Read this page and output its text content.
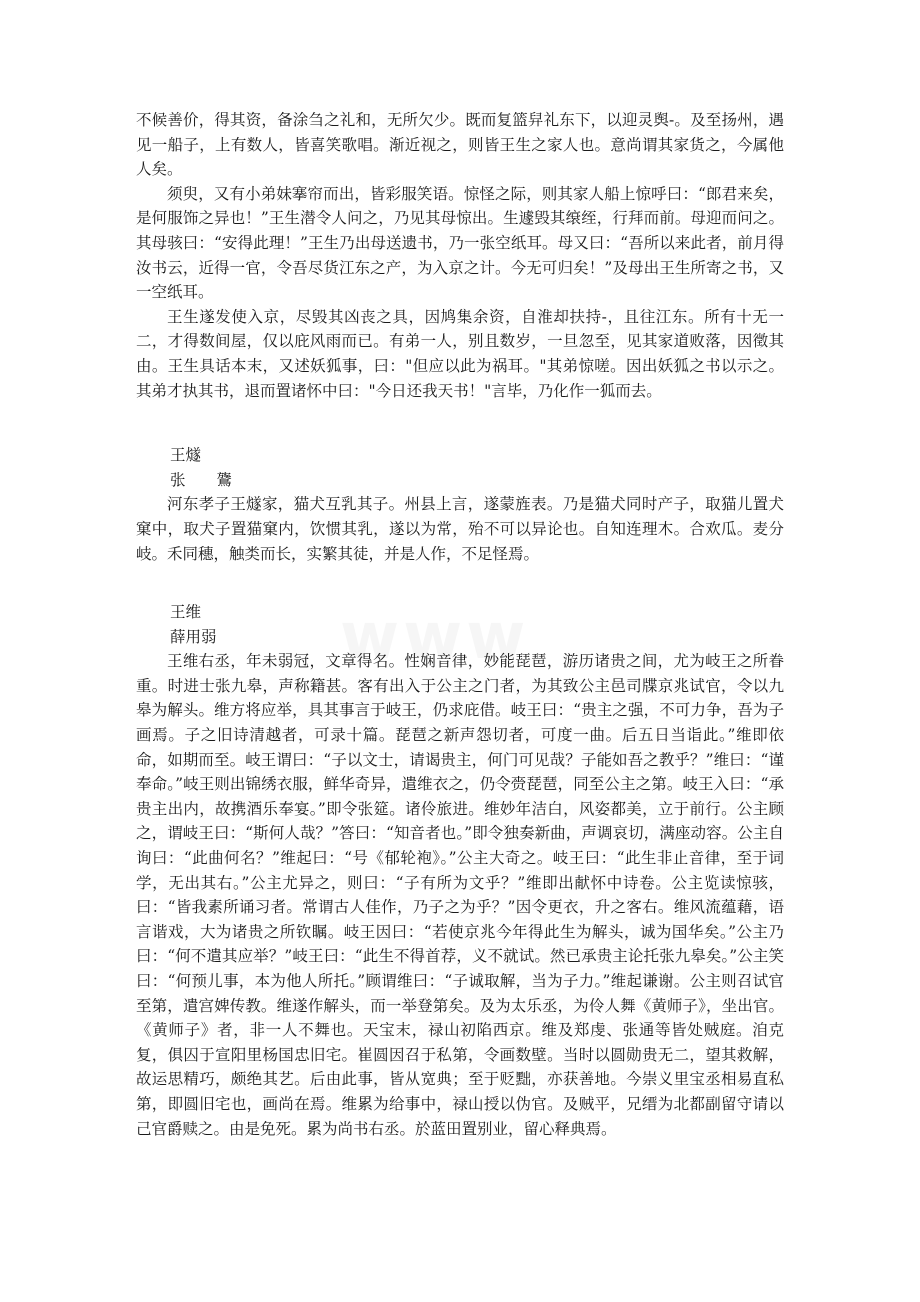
不候善价，得其资，备涂刍之礼和，无所欠少。既而复篮舁礼东下，以迎灵舆-。及至扬州，遇见一船子，上有数人，皆喜笑歌唱。渐近视之，则皆王生之家人也。意尚谓其家货之，今属他人矣。

须臾，又有小弟妹搴帘而出，皆彩服笑语。惊怪之际，则其家人船上惊呼曰：“郎君来矣，是何服饰之异也！”王生潜令人问之，乃见其母惊出。生遽毁其缞绖，行拜而前。母迎而问之。其母骇曰：“安得此理！”王生乃出母送遗书，乃一张空纸耳。母又曰：“吾所以来此者，前月得汝书云，近得一官，令吾尽货江东之产，为入京之计。今无可归矣！”及母出王生所寄之书，又一空纸耳。

王生遂发使入京，尽毁其凶丧之具，因鸠集余资，自淮却扶持-，且往江东。所有十无一二，才得数间屋，仅以庇风雨而已。有弟一人，别且数岁，一旦忽至，见其家道败落，因徵其由。王生具话本末，又述妖狐事，曰："但应以此为祸耳。"其弟惊嗟。因出妖狐之书以示之。其弟才执其书，退而置诸怀中曰："今日还我天书！"言毕，乃化作一狐而去。

王燧

张　　鷟

河东孝子王燧家，猫犬互乳其子。州县上言，遂蒙旌表。乃是猫犬同时产子，取猫儿置犬窠中，取犬子置猫窠内，饮惯其乳，遂以为常，殆不可以异论也。自知连理木。合欢瓜。麦分岐。禾同穗，触类而长，实繁其徒，并是人作，不足怪焉。

王维

薛用弱

王维右丞，年未弱冠，文章得名。性娴音律，妙能琵琶，游历诸贵之间，尤为岐王之所眷重。时进士张九皋，声称籍甚。客有出入于公主之门者，为其致公主邑司牒京兆试官，令以九皋为解头。维方将应举，具其事言于岐王，仍求庇借。岐王曰：“贵主之强，不可力争，吾为子画焉。子之旧诗清越者，可录十篇。琵琶之新声怨切者，可度一曲。后五日当诣此。”维即依命，如期而至。岐王谓曰：“子以文士，请谒贵主，何门可见哉？子能如吾之教乎？”维曰：“谨奉命。”岐王则出锦绣衣服，鲜华奇异，遣维衣之，仍令赍琵琶，同至公主之第。岐王入曰：“承贵主出内，故携酒乐奉宴。”即令张筵。诸伶旅进。维妙年洁白，风姿都美，立于前行。公主顾之，谓岐王曰：“斯何人哉？”答曰：“知音者也。”即令独奏新曲，声调哀切，满座动容。公主自询曰：“此曲何名？”维起曰：“号《郁轮袍》。”公主大奇之。岐王曰：“此生非止音律，至于词学，无出其右。”公主尤异之，则曰：“子有所为文乎？”维即出献怀中诗卷。公主览读惊骇，曰：“皆我素所诵习者。常谓古人佳作，乃子之为乎？”因令更衣，升之客右。维风流蕴藉，语言谐戏，大为诸贵之所钦瞩。岐王因曰：“若使京兆今年得此生为解头，诚为国华矣。”公主乃曰：“何不遣其应举？”岐王曰：“此生不得首荐，义不就试。然已承贵主论托张九皋矣。”公主笑曰：“何预儿事，本为他人所托。”顾谓维曰：“子诚取解，当为子力。”维起谦谢。公主则召试官至第，遣宫婢传教。维遂作解头，而一举登第矣。及为太乐丞，为伶人舞《黄师子》，坐出官。《黄师子》者，非一人不舞也。天宝末，禄山初陷西京。维及郑虔、张通等皆处贼庭。洎克复，俱囚于宣阳里杨国忠旧宅。崔圆因召于私第，令画数壁。当时以圆勋贵无二，望其救解，故运思精巧，颇绝其艺。后由此事，皆从宽典；至于贬黜，亦获善地。今崇义里宝丞相易直私第，即圆旧宅也，画尚在焉。维累为给事中，禄山授以伪官。及贼平，兄缙为北都副留守请以己官爵赎之。由是免死。累为尚书右丞。於蓝田置别业，留心释典焉。
